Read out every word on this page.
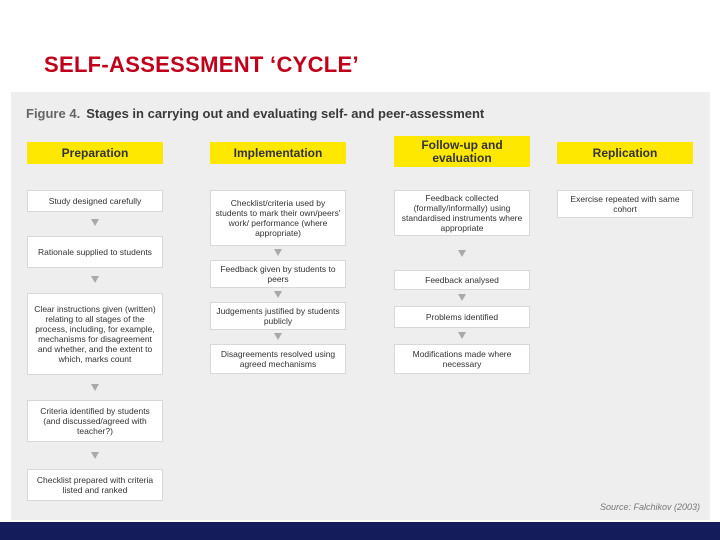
SELF-ASSESSMENT ‘CYCLE’
Figure 4. Stages in carrying out and evaluating self- and peer-assessment
Preparation
Study designed carefully
Rationale supplied to students
Clear instructions given (written) relating to all stages of the process, including, for example, mechanisms for disagreement and whether, and the extent to which, marks count
Criteria identified by students (and discussed/agreed with teacher?)
Checklist prepared with criteria listed and ranked
Implementation
Checklist/criteria used by students to mark their own/peers' work/ performance (where appropriate)
Feedback given by students to peers
Judgements justified by students publicly
Disagreements resolved using agreed mechanisms
Follow-up and evaluation
Feedback collected (formally/informally) using standardised instruments where appropriate
Feedback analysed
Problems identified
Modifications made where necessary
Replication
Exercise repeated with same cohort
Source: Falchikov (2003)
